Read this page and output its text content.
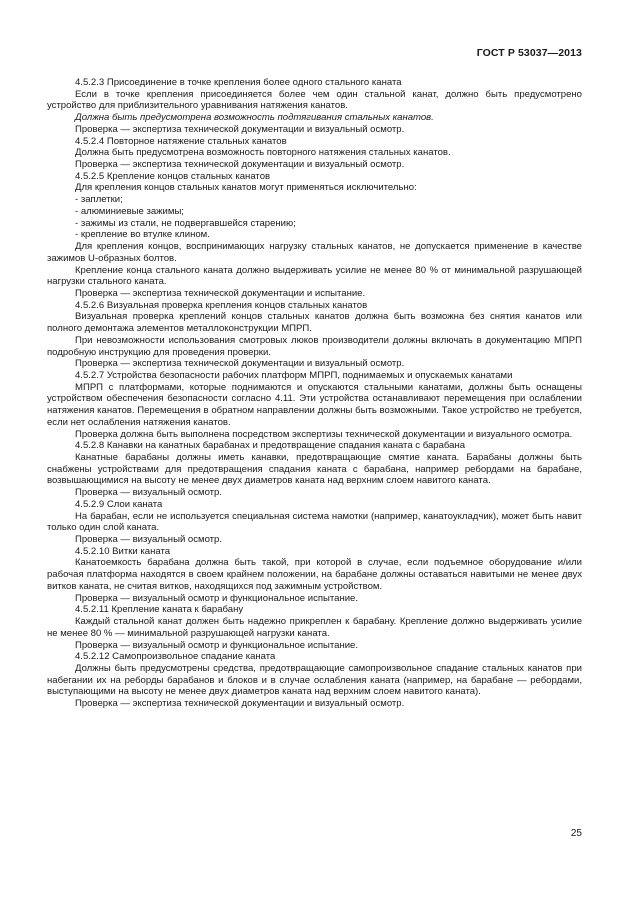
ГОСТ Р 53037—2013

4.5.2.3 Присоединение в точке крепления более одного стального каната

Если в точке крепления присоединяется более чем один стальной канат, должно быть предусмотрено устройство для приблизительного уравнивания натяжения канатов.

Должна быть предусмотрена возможность подтягивания стальных канатов.

Проверка — экспертиза технической документации и визуальный осмотр.

4.5.2.4 Повторное натяжение стальных канатов

Должна быть предусмотрена возможность повторного натяжения стальных канатов.

Проверка — экспертиза технической документации и визуальный осмотр.

4.5.2.5 Крепление концов стальных канатов

Для крепления концов стальных канатов могут применяться исключительно:

- заплетки;

- алюминиевые зажимы;

- зажимы из стали, не подвергавшейся старению;

- крепление во втулке клином.

Для крепления концов, воспринимающих нагрузку стальных канатов, не допускается применение в качестве зажимов U-образных болтов.

Крепление конца стального каната должно выдерживать усилие не менее 80 % от минимальной разрушающей нагрузки стального каната.

Проверка — экспертиза технической документации и испытание.

4.5.2.6 Визуальная проверка крепления концов стальных канатов

Визуальная проверка креплений концов стальных канатов должна быть возможна без снятия канатов или полного демонтажа элементов металлоконструкции МПРП.

При невозможности использования смотровых люков производители должны включать в документацию МПРП подробную инструкцию для проведения проверки.

Проверка — экспертиза технической документации и визуальный осмотр.

4.5.2.7 Устройства безопасности рабочих платформ МПРП, поднимаемых и опускаемых канатами

МПРП с платформами, которые поднимаются и опускаются стальными канатами, должны быть оснащены устройством обеспечения безопасности согласно 4.11. Эти устройства останавливают перемещения при ослаблении натяжения канатов. Перемещения в обратном направлении должны быть возможными. Такое устройство не требуется, если нет ослабления натяжения канатов.

Проверка должна быть выполнена посредством экспертизы технической документации и визуального осмотра.

4.5.2.8 Канавки на канатных барабанах и предотвращение спадания каната с барабана

Канатные барабаны должны иметь канавки, предотвращающие смятие каната. Барабаны должны быть снабжены устройствами для предотвращения спадания каната с барабана, например ребордами на барабане, возвышающимися на высоту не менее двух диаметров каната над верхним слоем навитого каната.

Проверка — визуальный осмотр.

4.5.2.9 Слои каната

На барабан, если не используется специальная система намотки (например, канатоукладчик), может быть навит только один слой каната.

Проверка — визуальный осмотр.

4.5.2.10 Витки каната

Канатоемкость барабана должна быть такой, при которой в случае, если подъемное оборудование и/или рабочая платформа находятся в своем крайнем положении, на барабане должны оставаться навитыми не менее двух витков каната, не считая витков, находящихся под зажимным устройством.

Проверка — визуальный осмотр и функциональное испытание.

4.5.2.11 Крепление каната к барабану

Каждый стальной канат должен быть надежно прикреплен к барабану. Крепление должно выдерживать усилие не менее 80 % — минимальной разрушающей нагрузки каната.

Проверка — визуальный осмотр и функциональное испытание.

4.5.2.12 Самопроизвольное спадание каната

Должны быть предусмотрены средства, предотвращающие самопроизвольное спадание стальных канатов при набегании их на реборды барабанов и блоков и в случае ослабления каната (например, на барабане — ребордами, выступающими на высоту не менее двух диаметров каната над верхним слоем навитого каната).

Проверка — экспертиза технической документации и визуальный осмотр.

25
